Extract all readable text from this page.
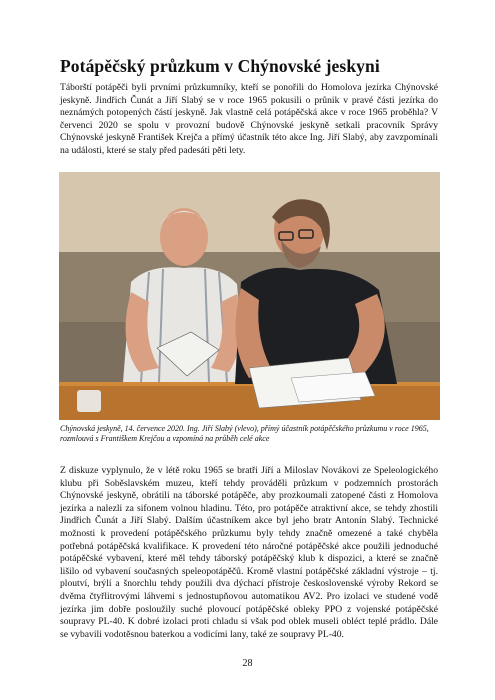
Potápěčský průzkum v Chýnovské jeskyni

Táborští potápěči byli prvními průzkumníky, kteří se ponořili do Homolova jezírka Chýnovské jeskyně. Jindřich Čunát a Jiří Slabý se v roce 1965 pokusili o průnik v pravé části jezírka do neznámých potopených částí jeskyně. Jak vlastně celá potápěčská akce v roce 1965 proběhla? V červenci 2020 se spolu v provozní budově Chýnovské jeskyně setkali pracovník Správy Chýnovské jeskyně František Krejča a přímý účastník této akce Ing. Jiří Slabý, aby zavzpomínali na události, které se staly před padesáti pěti lety.

Chýnovská jeskyně, 14. července 2020. Ing. Jiří Slabý (vlevo), přímý účastník potápěčského průzkumu v roce 1965, rozmlouvá s Františkem Krejčou a vzpomíná na průběh celé akce

Z diskuze vyplynulo, že v létě roku 1965 se bratři Jiří a Miloslav Novákovi ze Speleologického klubu při Soběslavském muzeu, kteří tehdy prováděli průzkum v podzemních prostorách Chýnovské jeskyně, obrátili na táborské potápěče, aby prozkoumali zatopené části z Homolova jezírka a nalezli za sifonem volnou hladinu. Této, pro potápěče atraktivní akce, se tehdy zhostili Jindřich Čunát a Jiří Slabý. Dalším účastníkem akce byl jeho bratr Antonín Slabý. Technické možnosti k provedení potápěčského průzkumu byly tehdy značně omezené a také chyběla potřebná potápěčská kvalifikace. K provedení této náročné potápěčské akce použili jednoduché potápěčské vybavení, které měl tehdy táborský potápěčský klub k dispozici, a které se značně lišilo od vybavení současných speleopotápěčů. Kromě vlastní potápěčské základní výstroje – tj. ploutví, brýlí a šnorchlu tehdy použili dva dýchací přístroje československé výroby Rekord se dvěma čtyřlitrovými láhvemi s jednostupňovou automatikou AV2. Pro izolaci ve studené vodě jezírka jim dobře posloužily suché plovoucí potápěčské obleky PPO z vojenské potápěčské soupravy PL-40. K dobré izolaci proti chladu si však pod oblek museli obléct teplé prádlo. Dále se vybavili vodotěsnou baterkou a vodicími lany, také ze soupravy PL-40.

28
